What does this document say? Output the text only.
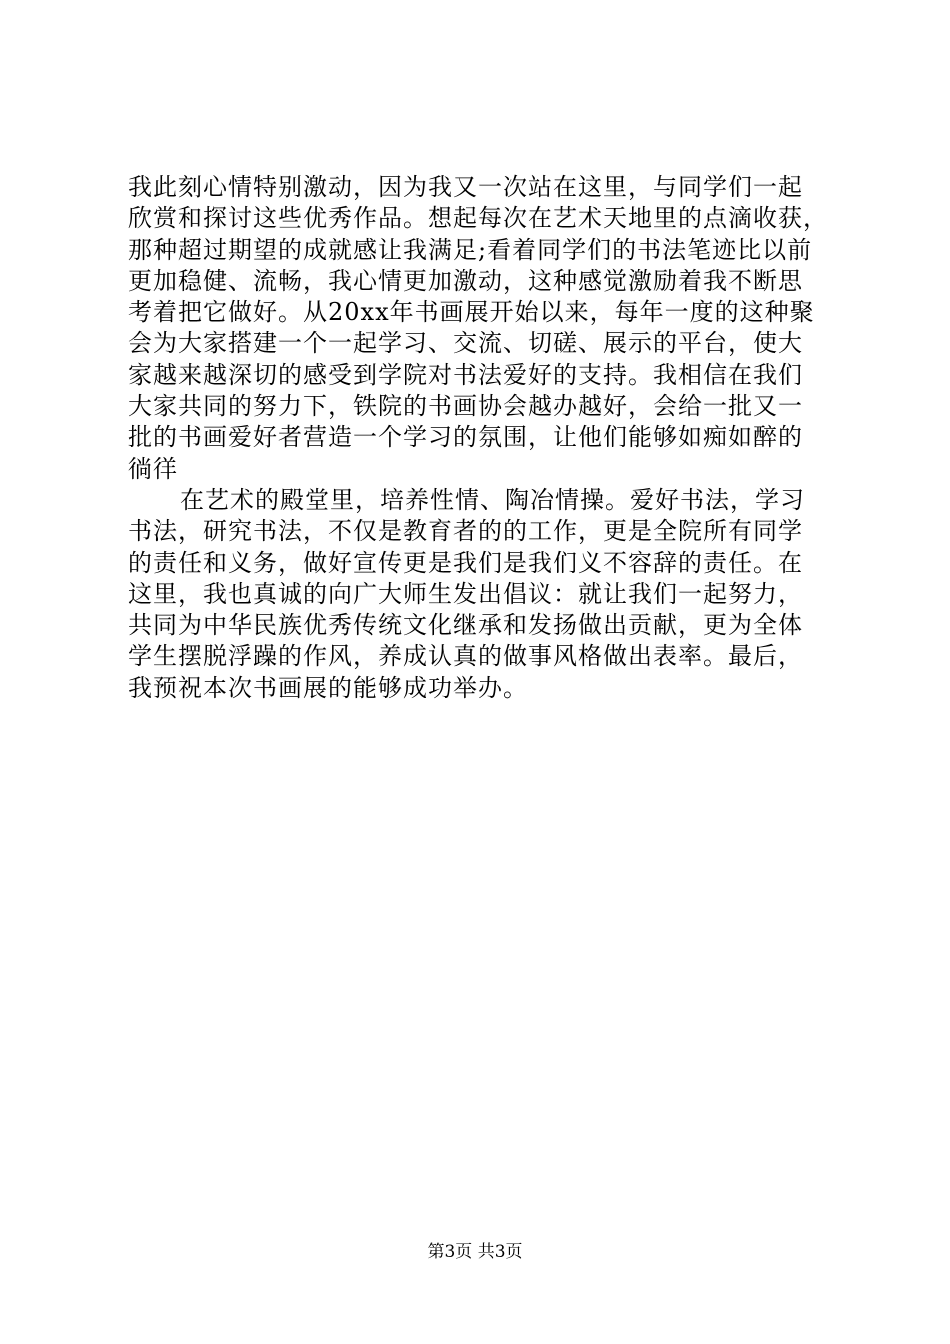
我此刻心情特别激动，因为我又一次站在这里，与同学们一起
欣赏和探讨这些优秀作品。想起每次在艺术天地里的点滴收获，
那种超过期望的成就感让我满足;看着同学们的书法笔迹比以前
更加稳健、流畅，我心情更加激动，这种感觉激励着我不断思
考着把它做好。从20xx年书画展开始以来，每年一度的这种聚
会为大家搭建一个一起学习、交流、切磋、展示的平台，使大
家越来越深切的感受到学院对书法爱好的支持。我相信在我们
大家共同的努力下，铁院的书画协会越办越好，会给一批又一
批的书画爱好者营造一个学习的氛围，让他们能够如痴如醉的
徜徉
在艺术的殿堂里，培养性情、陶冶情操。爱好书法，学习
书法，研究书法，不仅是教育者的的工作，更是全院所有同学
的责任和义务，做好宣传更是我们是我们义不容辞的责任。在
这里，我也真诚的向广大师生发出倡议：就让我们一起努力，
共同为中华民族优秀传统文化继承和发扬做出贡献，更为全体
学生摆脱浮躁的作风，养成认真的做事风格做出表率。最后，
我预祝本次书画展的能够成功举办。
第3页 共3页
